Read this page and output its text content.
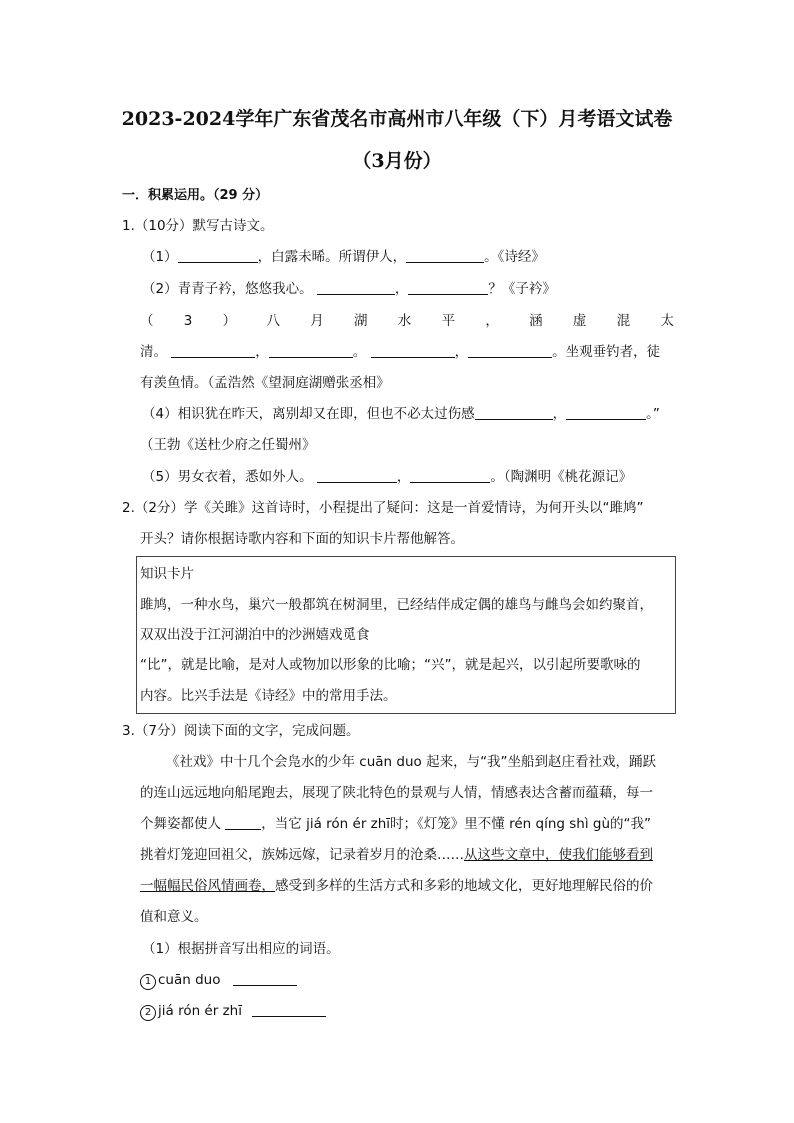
2023-2024学年广东省茂名市高州市八年级（下）月考语文试卷
（3月份）
一．积累运用。（29 分）
1.（10分）默写古诗文。
（1）	，白露未晞。所谓伊人，	。《诗经》
（2）青青子衿，悠悠我心。	，	？《子衿》
（ 3 ） 八 月 湖 水 平 ， 涵 虚 混 太
清。	，	。	，	。坐观垂钓者，徒
有羡鱼情。（孟浩然《望洞庭湖赠张丞相》
（4）相识犹在昨天，离别却又在即，但也不必太过伤感	，	。”
（王勃《送杜少府之任蜀州》
（5）男女衣着，悉如外人。	，	。（陶渊明《桃花源记》
2.（2分）学《关雎》这首诗时，小程提出了疑问：这是一首爱情诗，为何开头以“雎鸠”
开头？请你根据诗歌内容和下面的知识卡片帮他解答。
知识卡片
雎鸠，一种水鸟，巢穴一般都筑在树洞里，已经结伴成定偶的雄鸟与雌鸟会如约聚首，
双双出没于江河湖泊中的沙洲嬉戏觅食
“比”，就是比喻，是对人或物加以形象的比喻；“兴”，就是起兴，以引起所要歌咏的
内容。比兴手法是《诗经》中的常用手法。
3.（7分）阅读下面的文字，完成问题。
《社戏》中十几个会凫水的少年 cuān duo 起来，与“我”坐船到赵庄看社戏，踊跃
的连山远远地向船尾跑去，展现了陕北特色的景观与人情，情感表达含蓄而蕴藉，每一
个舞姿都使人	，当它 jiá rón ér zhī时；《灯笼》里不懂 rén qíng shì gù的“我”
挑着灯笼迎回祖父，族姊远嫁，记录着岁月的沧桑……从这些文章中，使我们能够看到
一幅幅民俗风情画卷，感受到多样的生活方式和多彩的地域文化，更好地理解民俗的价
值和意义。
（1）根据拼音写出相应的词语。
1 cuān duo
2 jiá rón ér zhī
